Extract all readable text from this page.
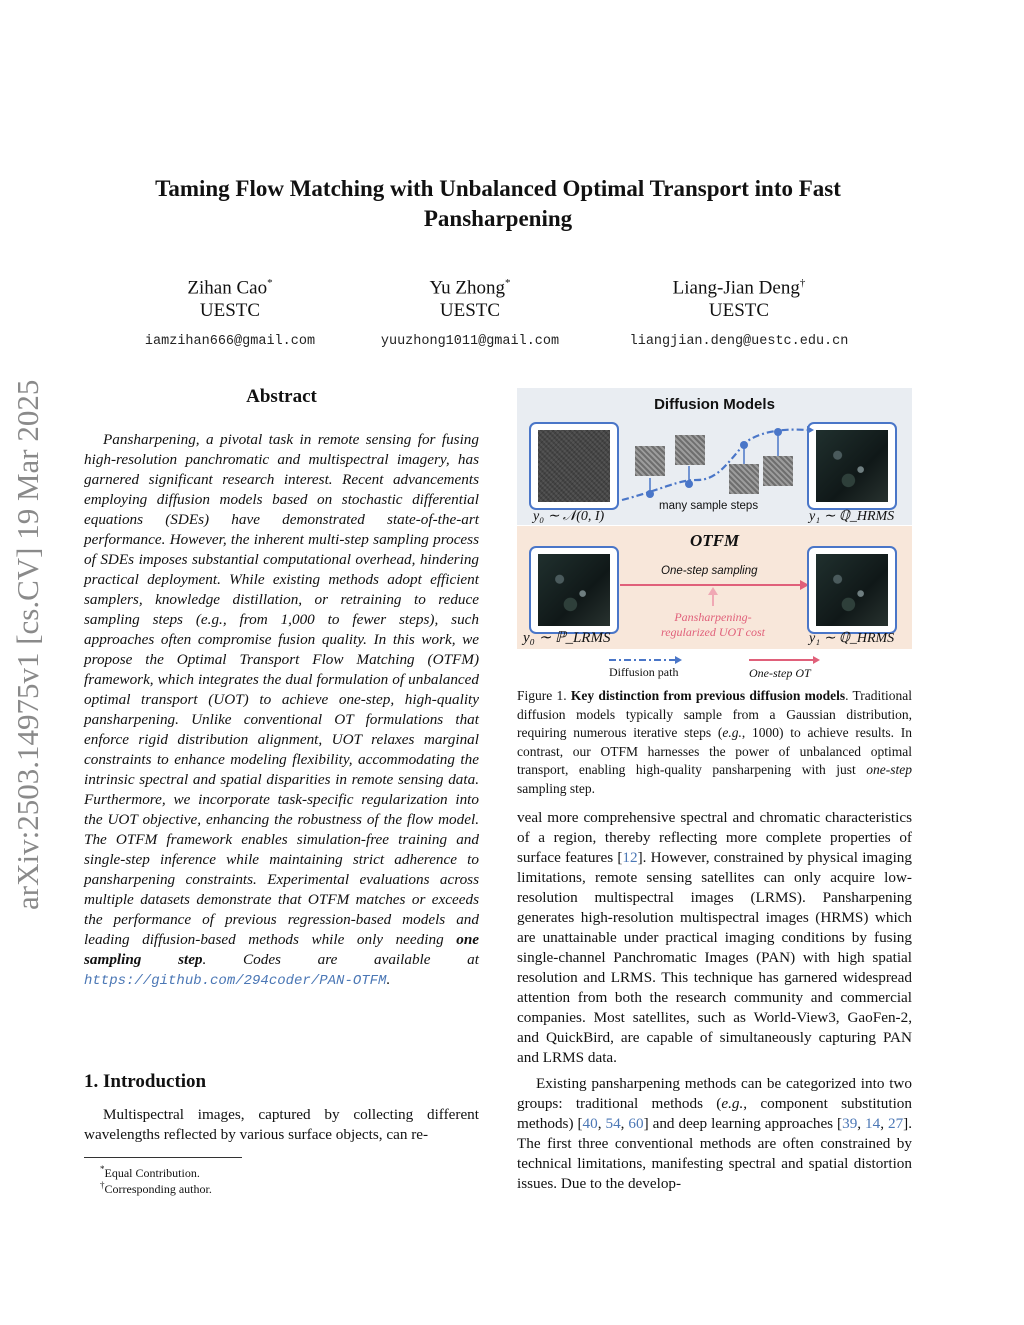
arXiv:2503.14975v1 [cs.CV] 19 Mar 2025
Taming Flow Matching with Unbalanced Optimal Transport into Fast
Pansharpening
Zihan Cao*
UESTC
iamzihan666@gmail.com
Yu Zhong*
UESTC
yuuzhong1011@gmail.com
Liang-Jian Deng†
UESTC
liangjian.deng@uestc.edu.cn
Abstract
Pansharpening, a pivotal task in remote sensing for fusing high-resolution panchromatic and multispectral imagery, has garnered significant research interest. Recent advancements employing diffusion models based on stochastic differential equations (SDEs) have demonstrated state-of-the-art performance. However, the inherent multi-step sampling process of SDEs imposes substantial computational overhead, hindering practical deployment. While existing methods adopt efficient samplers, knowledge distillation, or retraining to reduce sampling steps (e.g., from 1,000 to fewer steps), such approaches often compromise fusion quality. In this work, we propose the Optimal Transport Flow Matching (OTFM) framework, which integrates the dual formulation of unbalanced optimal transport (UOT) to achieve one-step, high-quality pansharpening. Unlike conventional OT formulations that enforce rigid distribution alignment, UOT relaxes marginal constraints to enhance modeling flexibility, accommodating the intrinsic spectral and spatial disparities in remote sensing data. Furthermore, we incorporate task-specific regularization into the UOT objective, enhancing the robustness of the flow model. The OTFM framework enables simulation-free training and single-step inference while maintaining strict adherence to pansharpening constraints. Experimental evaluations across multiple datasets demonstrate that OTFM matches or exceeds the performance of previous regression-based models and leading diffusion-based methods while only needing one sampling step. Codes are available at https://github.com/294coder/PAN-OTFM.
1. Introduction
Multispectral images, captured by collecting different wavelengths reflected by various surface objects, can re-
*Equal Contribution.
†Corresponding author.
Diffusion Models
many sample steps
y₀ ∼ 𝒩(0, I)	y₁ ∼ ℚ_HRMS
OTFM
One-step sampling
Pansharpening-
regularized UOT cost
y₀ ∼ ℙ_LRMS	y₁ ∼ ℚ_HRMS
Diffusion path	One-step OT
Figure 1. Key distinction from previous diffusion models. Traditional diffusion models typically sample from a Gaussian distribution, requiring numerous iterative steps (e.g., 1000) to achieve results. In contrast, our OTFM harnesses the power of unbalanced optimal transport, enabling high-quality pansharpening with just one-step sampling step.
veal more comprehensive spectral and chromatic characteristics of a region, thereby reflecting more complete properties of surface features [12]. However, constrained by physical imaging limitations, remote sensing satellites can only acquire low-resolution multispectral images (LRMS). Pansharpening generates high-resolution multispectral images (HRMS) which are unattainable under practical imaging conditions by fusing single-channel Panchromatic Images (PAN) with high spatial resolution and LRMS. This technique has garnered widespread attention from both the research community and commercial companies. Most satellites, such as World-View3, GaoFen-2, and QuickBird, are capable of simultaneously capturing PAN and LRMS data.
Existing pansharpening methods can be categorized into two groups: traditional methods (e.g., component substitution methods) [40, 54, 60] and deep learning approaches [39, 14, 27]. The first three conventional methods are often constrained by technical limitations, manifesting spectral and spatial distortion issues. Due to the develop-
